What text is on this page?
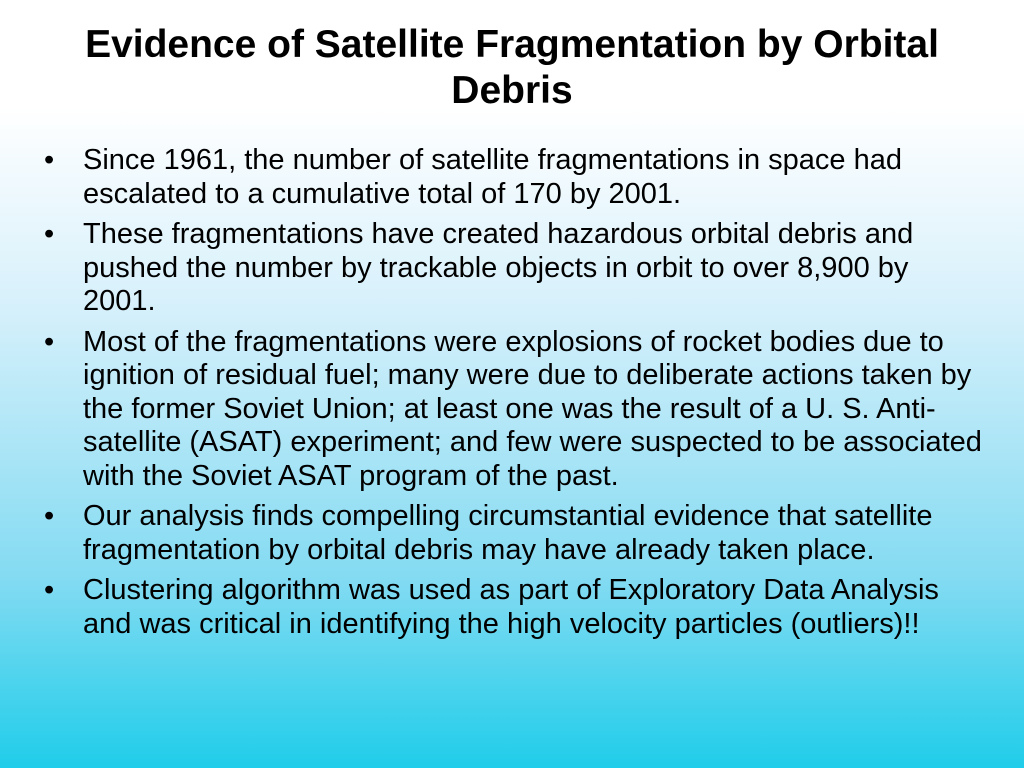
Evidence of Satellite Fragmentation by Orbital Debris
• Since 1961, the number of satellite fragmentations in space had escalated to a cumulative total of 170 by 2001.
• These fragmentations have created hazardous orbital debris and pushed the number by trackable objects in orbit to over 8,900 by 2001.
• Most of the fragmentations were explosions of rocket bodies due to ignition of residual fuel; many were due to deliberate actions taken by the former Soviet Union; at least one was the result of a U. S. Anti-satellite (ASAT) experiment; and few were suspected to be associated with the Soviet ASAT program of the past.
• Our analysis finds compelling circumstantial evidence that satellite fragmentation by orbital debris may have already taken place.
• Clustering algorithm was used as part of Exploratory Data Analysis and was critical in identifying the high velocity particles (outliers)!!
